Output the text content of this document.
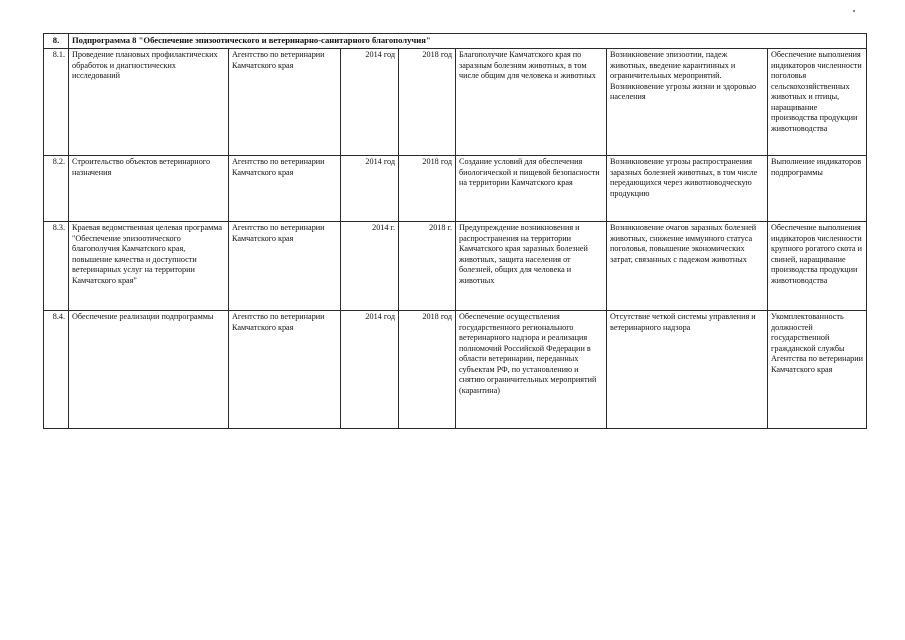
8.	Подпрограмма 8 "Обеспечение эпизоотического и ветеринарно-санитарного благополучия"						
8.1.	Проведение плановых профилактических обработок и диагностических исследований	Агентство по ветеринарии Камчатского края	2014 год	2018 год	Благополучие Камчатского края по заразным болезням животных, в том числе общим для человека и животных	Возникновение эпизоотии, падеж животных, введение карантинных и ограничительных мероприятий. Возникновение угрозы жизни и здоровью населения	Обеспечение выполнения индикаторов численности поголовья сельскохозяйственных животных и птицы, наращивание производства продукции животноводства
8.2.	Строительство объектов ветеринарного назначения	Агентство по ветеринарии Камчатского края	2014 год	2018 год	Создание условий для обеспечения биологической и пищевой безопасности на территории Камчатского края	Возникновение угрозы распространения заразных болезней животных, в том числе передающихся через животноводческую продукцию	Выполнение индикаторов подпрограммы
8.3.	Краевая ведомственная целевая программа "Обеспечение эпизоотического благополучия Камчатского края, повышение качества и доступности ветеринарных услуг на территории Камчатского края"	Агентство по ветеринарии Камчатского края	2014 г.	2018 г.	Предупреждение возникновения и распространения на территории Камчатского края заразных болезней животных, защита населения от болезней, общих для человека и животных	Возникновение очагов заразных болезней животных, снижение иммунного статуса поголовья, повышение экономических затрат, связанных с падежом животных	Обеспечение выполнения индикаторов численности крупного рогатого скота и свиней, наращивание производства продукции животноводства
8.4.	Обеспечение реализации подпрограммы	Агентство по ветеринарии Камчатского края	2014 год	2018 год	Обеспечение осуществления государственного регионального ветеринарного надзора и реализация полномочий Российской Федерации в области ветеринарии, переданных субъектам РФ, по установлению и снятию ограничительных мероприятий (карантина)	Отсутствие четкой системы управления и ветеринарного надзора	Укомплектованность должностей государственной гражданской службы Агентства по ветеринарии Камчатского края
